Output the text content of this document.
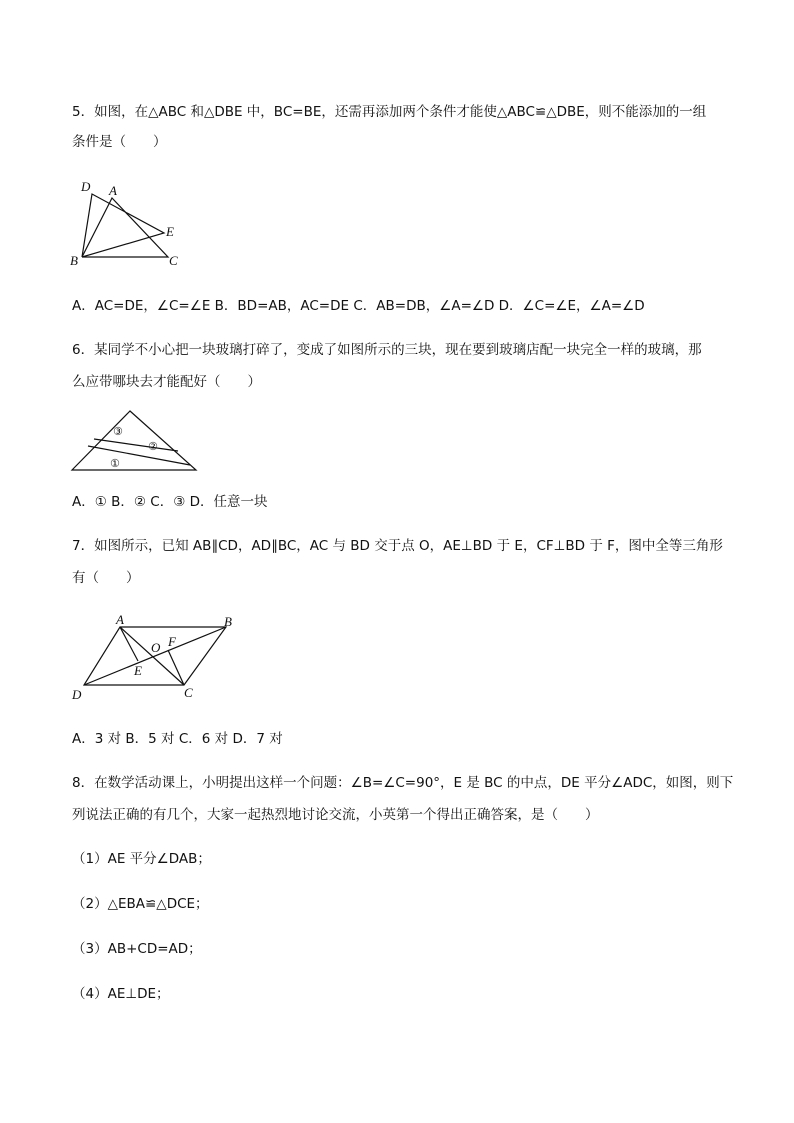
5．如图，在△ABC 和△DBE 中，BC=BE，还需再添加两个条件才能使△ABC≌△DBE，则不能添加的一组
条件是（　　）
D A
E
B	C
A．AC=DE，∠C=∠E B．BD=AB，AC=DE C．AB=DB，∠A=∠D D．∠C=∠E，∠A=∠D
6．某同学不小心把一块玻璃打碎了，变成了如图所示的三块，现在要到玻璃店配一块完全一样的玻璃，那
么应带哪块去才能配好（　　）
③
②
①
A．① B．② C．③ D．任意一块
7．如图所示，已知 AB∥CD，AD∥BC，AC 与 BD 交于点 O，AE⊥BD 于 E，CF⊥BD 于 F，图中全等三角形
有（　　）
A	B
O F
E
D	C
A．3 对 B．5 对 C．6 对 D．7 对
8．在数学活动课上，小明提出这样一个问题：∠B=∠C=90°，E 是 BC 的中点，DE 平分∠ADC，如图，则下
列说法正确的有几个，大家一起热烈地讨论交流，小英第一个得出正确答案，是（　　）
（1）AE 平分∠DAB；
（2）△EBA≌△DCE；
（3）AB+CD=AD；
（4）AE⊥DE；
